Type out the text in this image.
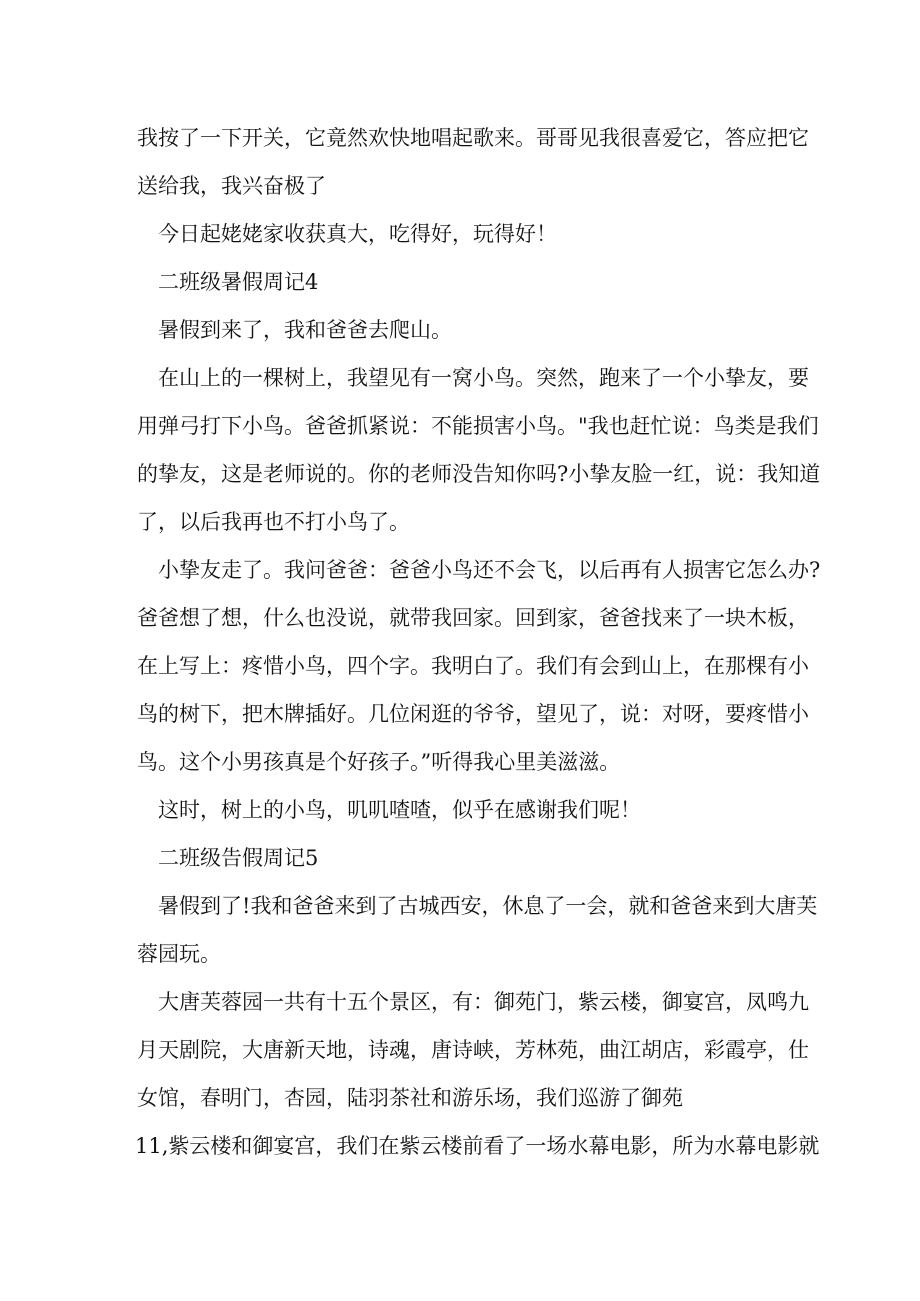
我按了一下开关，它竟然欢快地唱起歌来。哥哥见我很喜爱它，答应把它
送给我，我兴奋极了
今日起姥姥家收获真大，吃得好，玩得好！
二班级暑假周记4
暑假到来了，我和爸爸去爬山。
在山上的一棵树上，我望见有一窝小鸟。突然，跑来了一个小挚友，要
用弹弓打下小鸟。爸爸抓紧说：不能损害小鸟。"我也赶忙说：鸟类是我们
的挚友，这是老师说的。你的老师没告知你吗?小挚友脸一红，说：我知道
了，以后我再也不打小鸟了。
小挚友走了。我问爸爸：爸爸小鸟还不会飞，以后再有人损害它怎么办?
爸爸想了想，什么也没说，就带我回家。回到家，爸爸找来了一块木板，
在上写上：疼惜小鸟，四个字。我明白了。我们有会到山上，在那棵有小
鸟的树下，把木牌插好。几位闲逛的爷爷，望见了，说：对呀，要疼惜小
鸟。这个小男孩真是个好孩子。”听得我心里美滋滋。
这时，树上的小鸟，叽叽喳喳，似乎在感谢我们呢！
二班级告假周记5
暑假到了!我和爸爸来到了古城西安，休息了一会，就和爸爸来到大唐芙
蓉园玩。
大唐芙蓉园一共有十五个景区，有：御苑门，紫云楼，御宴宫，凤鸣九
月天剧院，大唐新天地，诗魂，唐诗峡，芳林苑，曲江胡店，彩霞亭，仕
女馆，春明门，杏园，陆羽茶社和游乐场，我们巡游了御苑
11,紫云楼和御宴宫，我们在紫云楼前看了一场水幕电影，所为水幕电影就
